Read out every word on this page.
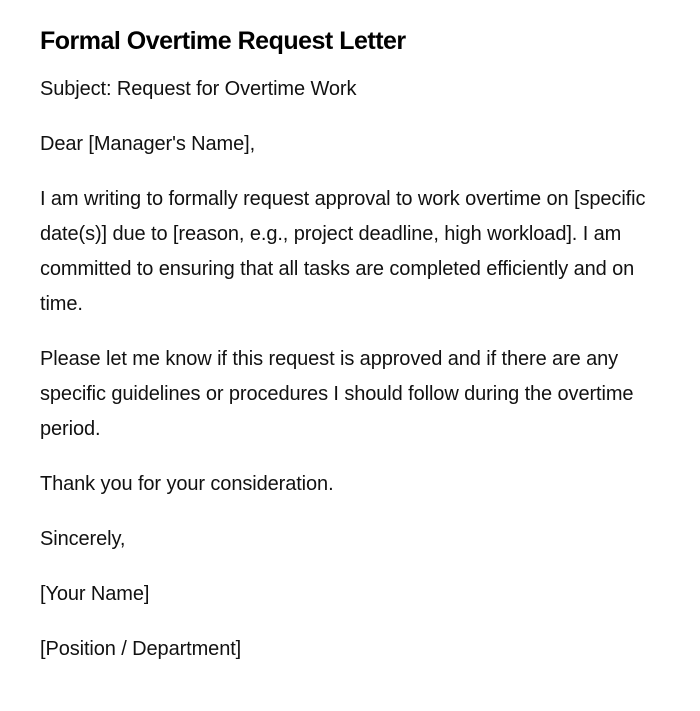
Formal Overtime Request Letter

Subject: Request for Overtime Work

Dear [Manager's Name],

I am writing to formally request approval to work overtime on [specific date(s)] due to [reason, e.g., project deadline, high workload]. I am committed to ensuring that all tasks are completed efficiently and on time.

Please let me know if this request is approved and if there are any specific guidelines or procedures I should follow during the overtime period.

Thank you for your consideration.

Sincerely,

[Your Name]

[Position / Department]
